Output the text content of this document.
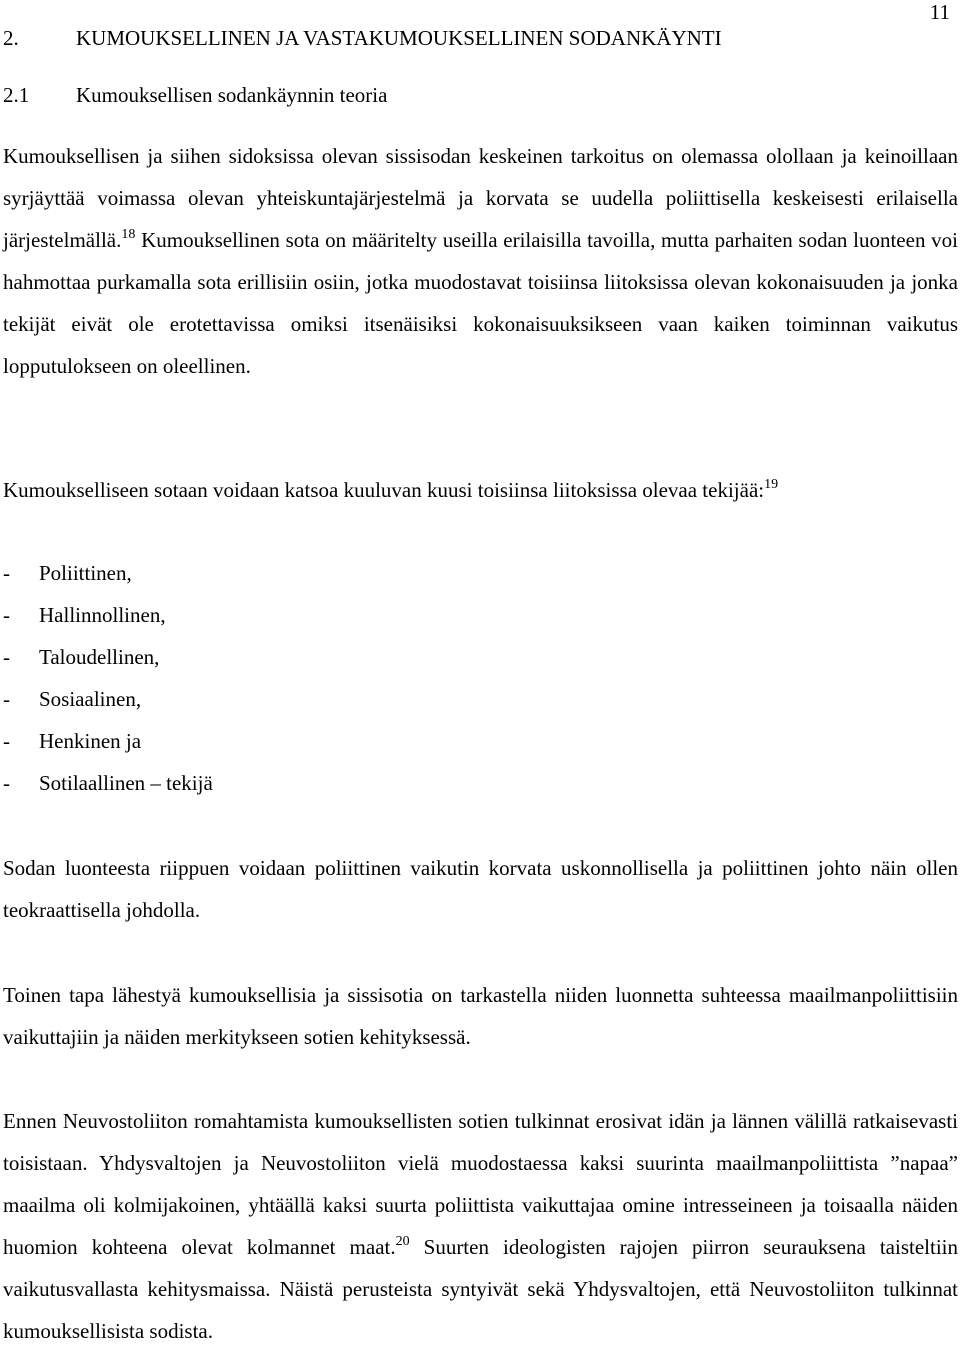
11
2.	KUMOUKSELLINEN JA VASTAKUMOUKSELLINEN SODANKÄYNTI
2.1 Kumouksellisen sodankäynnin teoria

Kumouksellisen ja siihen sidoksissa olevan sissisodan keskeinen tarkoitus on olemassa olollaan ja keinoillaan syrjäyttää voimassa olevan yhteiskuntajärjestelmä ja korvata se uudella poliittisella keskeisesti erilaisella järjestelmällä.$^{18}$ Kumouksellinen sota on määritelty useilla erilaisilla tavoilla, mutta parhaiten sodan luonteen voi hahmottaa purkamalla sota erillisiin osiin, jotka muodostavat toisiinsa liitoksissa olevan kokonaisuuden ja jonka tekijät eivät ole erotettavissa omiksi itsenäisiksi kokonaisuuksikseen vaan kaiken toiminnan vaikutus lopputulokseen on oleellinen.

Kumoukselliseen sotaan voidaan katsoa kuuluvan kuusi toisiinsa liitoksissa olevaa tekijää:$^{19}$

- Poliittinen,
- Hallinnollinen,
- Taloudellinen,
- Sosiaalinen,
- Henkinen ja
- Sotilaallinen – tekijä

Sodan luonteesta riippuen voidaan poliittinen vaikutin korvata uskonnollisella ja poliittinen johto näin ollen teokraattisella johdolla.

Toinen tapa lähestyä kumouksellisia ja sissisotia on tarkastella niiden luonnetta suhteessa maailmanpoliittisiin vaikuttajiin ja näiden merkitykseen sotien kehityksessä.

Ennen Neuvostoliiton romahtamista kumouksellisten sotien tulkinnat erosivat idän ja lännen välillä ratkaisevasti toisistaan. Yhdysvaltojen ja Neuvostoliiton vielä muodostaessa kaksi suurinta maailmanpoliittista ”napaa” maailma oli kolmijakoinen, yhtäällä kaksi suurta poliittista vaikuttajaa omine intresseineen ja toisaalla näiden huomion kohteena olevat kolmannet maat.$^{20}$ Suurten ideologisten rajojen piirron seurauksena taisteltiin vaikutusvallasta kehitysmaissa. Näistä perusteista syntyivät sekä Yhdysvaltojen, että Neuvostoliiton tulkinnat kumouksellisista sodista.
